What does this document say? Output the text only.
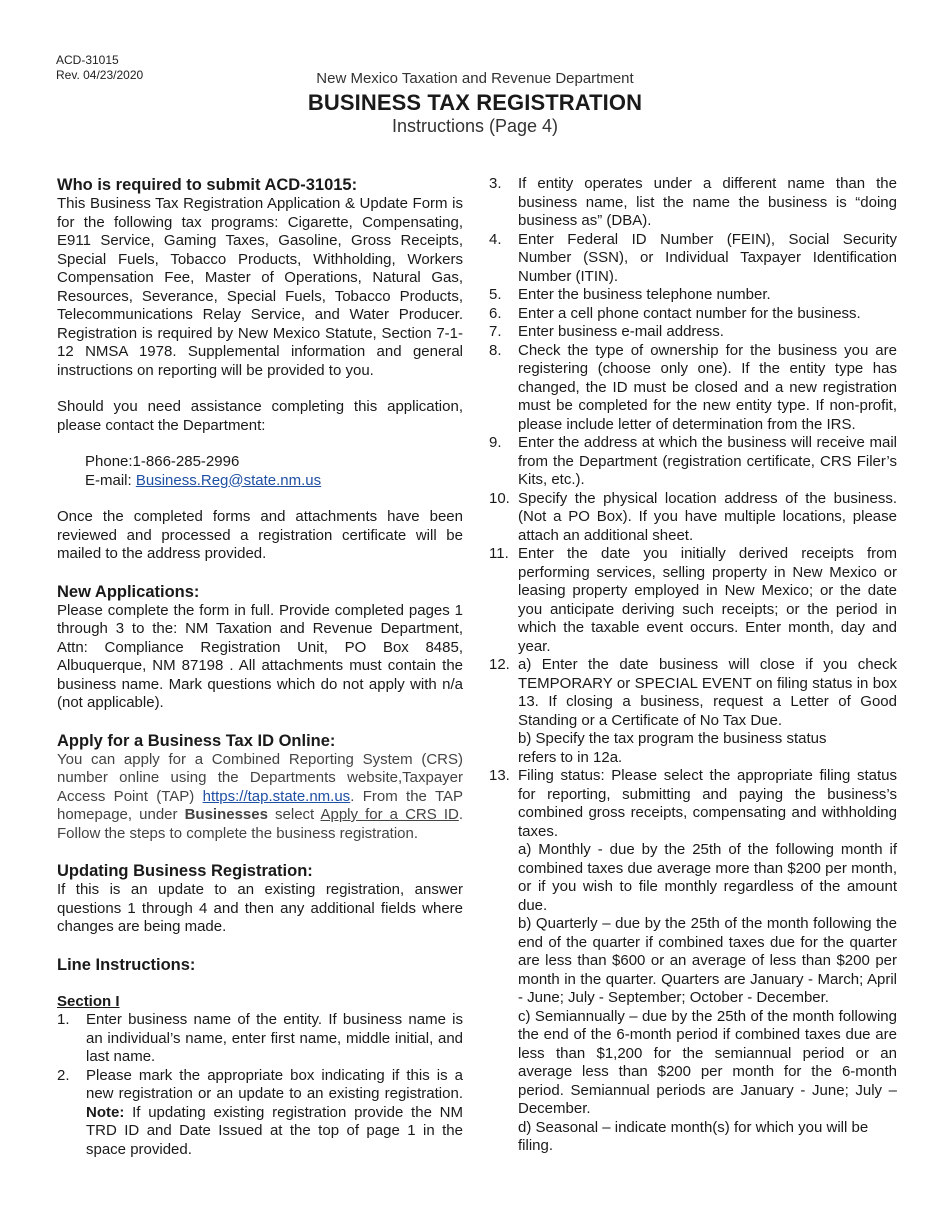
ACD-31015
Rev. 04/23/2020	New Mexico Taxation and Revenue Department
BUSINESS TAX REGISTRATION
Instructions (Page 4)
Who is required to submit ACD-31015:

This Business Tax Registration Application & Update Form is for the following tax programs: Cigarette, Compensating, E911 Service, Gaming Taxes, Gasoline, Gross Receipts, Special Fuels, Tobacco Products, Withholding, Workers Compensation Fee, Master of Operations, Natural Gas, Resources, Severance, Special Fuels, Tobacco Products, Telecommunications Relay Service, and Water Producer. Registration is required by New Mexico Statute, Section 7-1-12 NMSA 1978. Supplemental information and general instructions on reporting will be provided to you.

Should you need assistance completing this application, please contact the Department:

Phone:1-866-285-2996
E-mail: Business.Reg@state.nm.us

Once the completed forms and attachments have been reviewed and processed a registration certificate will be mailed to the address provided.

New Applications:

Please complete the form in full. Provide completed pages 1 through 3 to the: NM Taxation and Revenue Department, Attn: Compliance Registration Unit, PO Box 8485, Albuquerque, NM 87198 . All attachments must contain the business name. Mark questions which do not apply with n/a (not applicable).

Apply for a Business Tax ID Online:

You can apply for a Combined Reporting System (CRS) number online using the Departments website,Taxpayer Access Point (TAP) https://tap.state.nm.us. From the TAP homepage, under Businesses select Apply for a CRS ID. Follow the steps to complete the business registration.

Updating Business Registration:

If this is an update to an existing registration, answer questions 1 through 4 and then any additional fields where changes are being made.

Line Instructions:
Section I
1. Enter business name of the entity. If business name is an individual’s name, enter first name, middle initial, and last name.
2. Please mark the appropriate box indicating if this is a new registration or an update to an existing registration. Note: If updating existing registration provide the NM TRD ID and Date Issued at the top of page 1 in the space provided.
3. If entity operates under a different name than the business name, list the name the business is “doing business as” (DBA).
4. Enter Federal ID Number (FEIN), Social Security Number (SSN), or Individual Taxpayer Identification Number (ITIN).
5. Enter the business telephone number.
6. Enter a cell phone contact number for the business.
7. Enter business e-mail address.
8. Check the type of ownership for the business you are registering (choose only one). If the entity type has changed, the ID must be closed and a new registration must be completed for the new entity type. If non-profit, please include letter of determination from the IRS.
9. Enter the address at which the business will receive mail from the Department (registration certificate, CRS Filer’s Kits, etc.).
10. Specify the physical location address of the business. (Not a PO Box). If you have multiple locations, please attach an additional sheet.
11. Enter the date you initially derived receipts from performing services, selling property in New Mexico or leasing property employed in New Mexico; or the date you anticipate deriving such receipts; or the period in which the taxable event occurs. Enter month, day and year.
12. a) Enter the date business will close if you check TEMPORARY or SPECIAL EVENT on filing status in box 13. If closing a business, request a Letter of Good Standing or a Certificate of No Tax Due.
b) Specify the tax program the business status
refers to in 12a.
13. Filing status: Please select the appropriate filing status for reporting, submitting and paying the business’s combined gross receipts, compensating and withholding taxes.
a) Monthly - due by the 25th of the following month if combined taxes due average more than $200 per month, or if you wish to file monthly regardless of the amount due.
b) Quarterly – due by the 25th of the month following the end of the quarter if combined taxes due for the quarter are less than $600 or an average of less than $200 per month in the quarter. Quarters are January - March; April - June; July - September; October - December.
c) Semiannually – due by the 25th of the month following the end of the 6-month period if combined taxes due are less than $1,200 for the semiannual period or an average less than $200 per month for the 6-month period. Semiannual periods are January - June; July – December.
d) Seasonal – indicate month(s) for which you will be filing.
